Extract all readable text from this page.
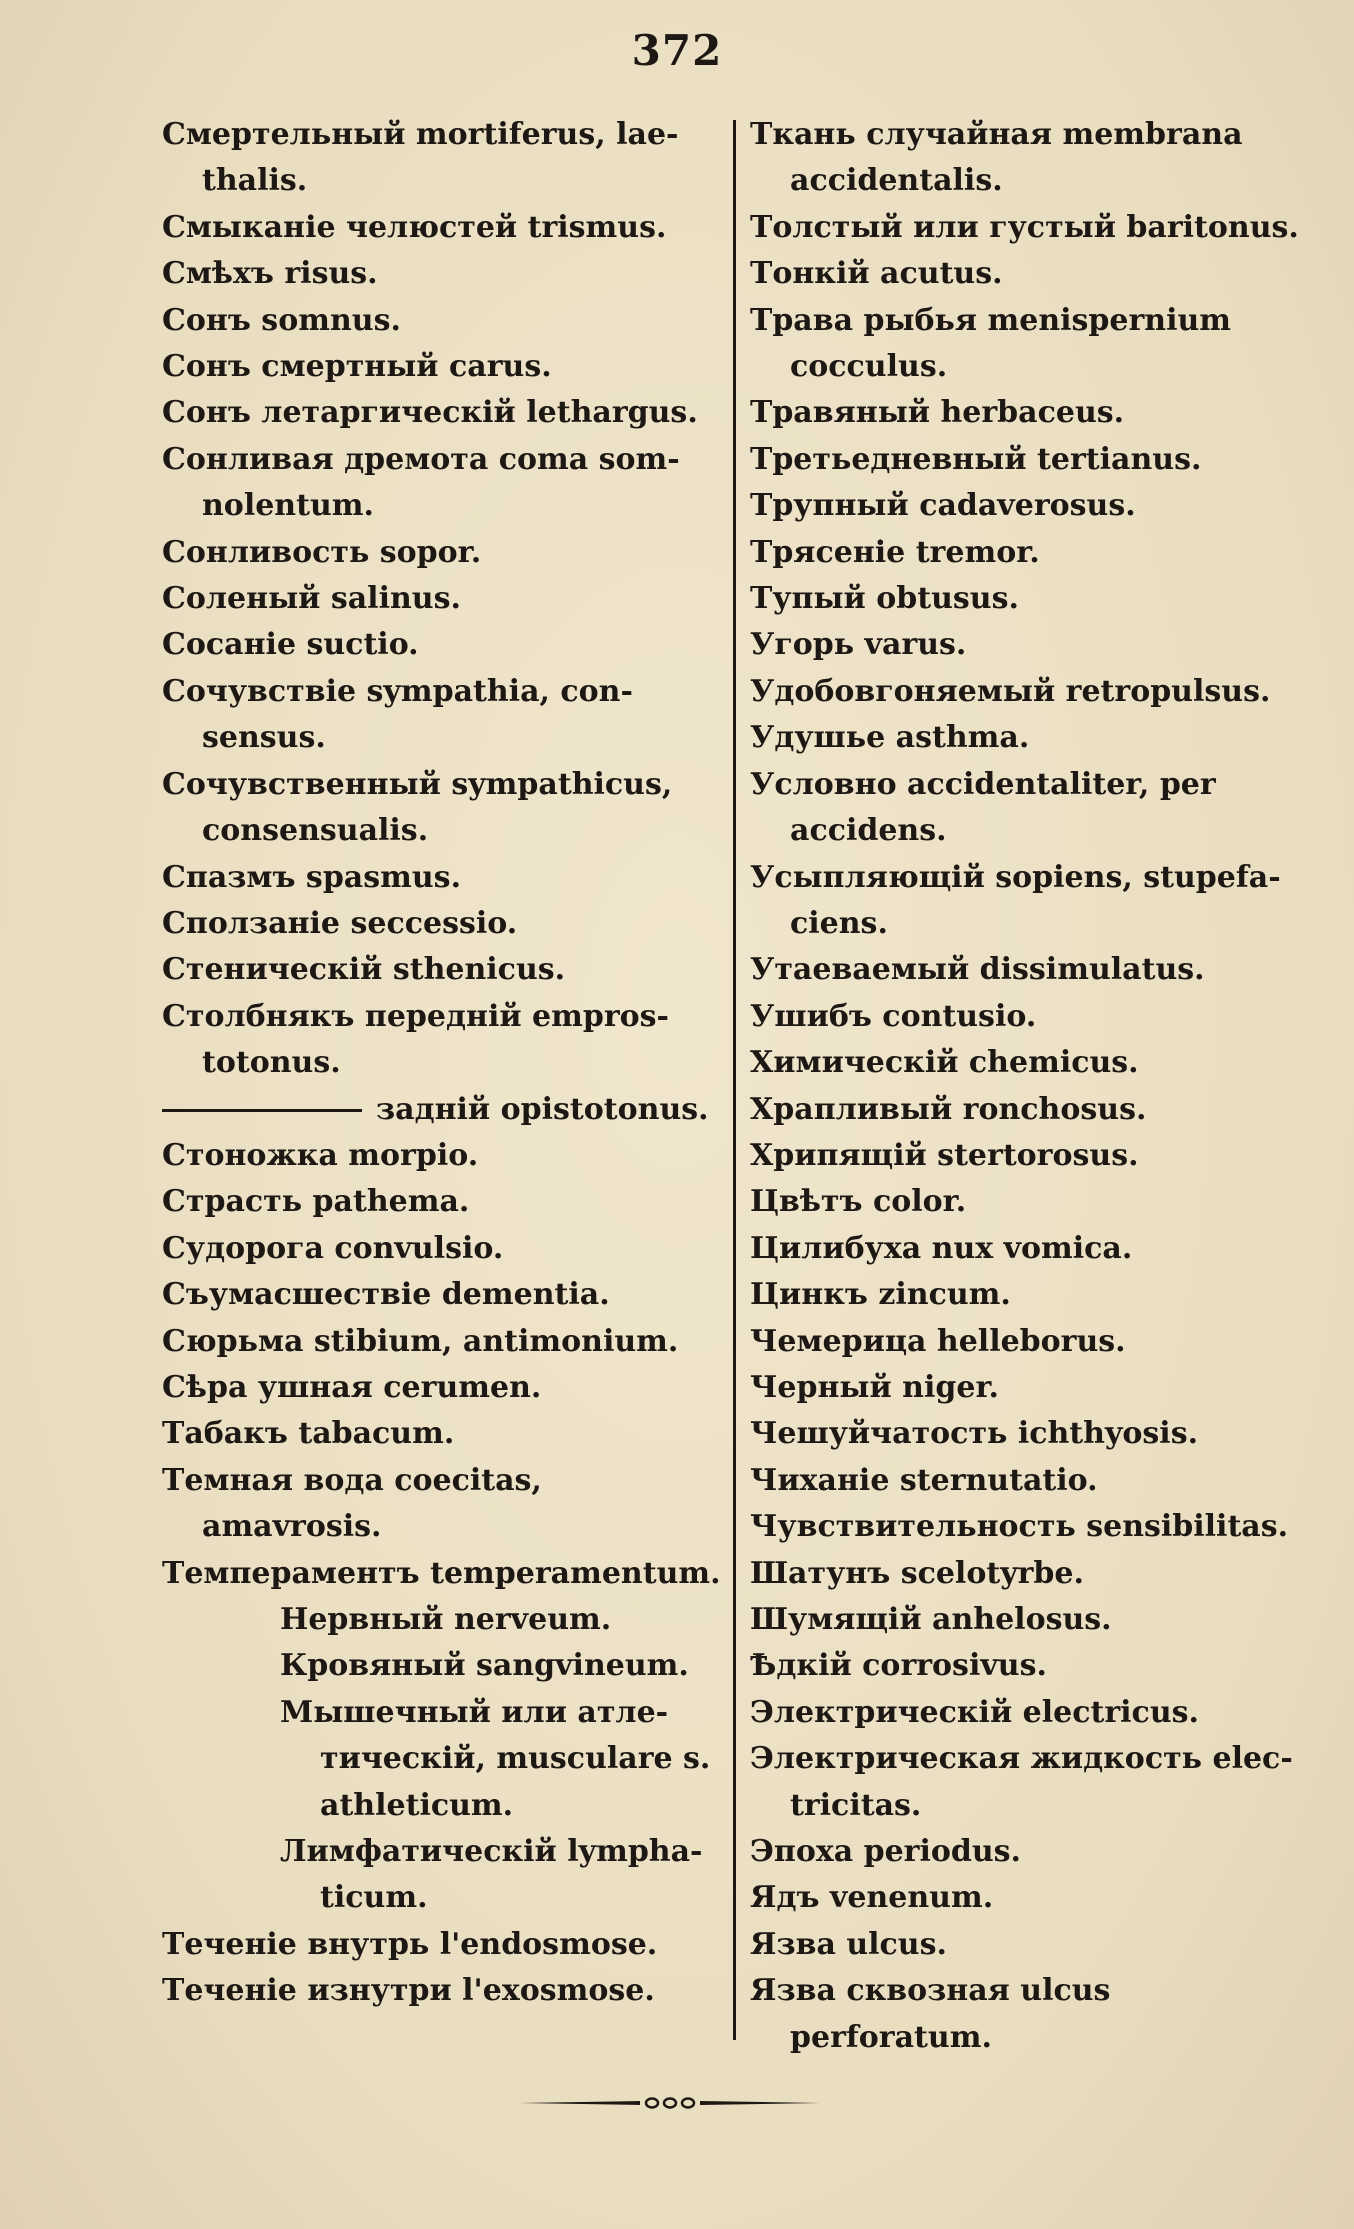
372

Смертельный mortiferus, laethalis.

Смыканіе челюстей trismus.

Смѣхъ risus.

Сонъ somnus.

Сонъ смертный carus.

Сонъ летаргическій lethargus.

Сонливая дремота coma somnolentum.

Сонливость sopor.

Соленый salinus.

Сосаніе suctio.

Сочувствіе sympathia, consensus.

Сочувственный sympathicus, consensualis.

Спазмъ spasmus.

Сползаніе seccessio.

Стеническій sthenicus.

Столбнякъ передній emprostotonus.

задній opistotonus.

Стоножка morpio.

Страсть pathema.

Судорога convulsio.

Съумасшествіе dementia.

Сюрьма stibium, antimonium.

Сѣра ушная cerumen.

Табакъ tabacum.

Темная вода coecitas, amavrosis.

Темпераментъ temperamentum.

Нервный nerveum.

Кровяный sangvineum.

Мышечный или атлетическій, musculare s. athleticum.

Лимфатическій lymphaticum.

Теченіе внутрь l'endosmose.

Теченіе изнутри l'exosmose.

Ткань случайная membrana accidentalis.

Толстый или густый baritonus.

Тонкій acutus.

Трава рыбья menispernium cocculus.

Травяный herbaceus.

Третьедневный tertianus.

Трупный cadaverosus.

Трясеніе tremor.

Тупый obtusus.

Угорь varus.

Удобовгоняемый retropulsus.

Удушье asthma.

Условно accidentaliter, per accidens.

Усыпляющій sopiens, stupefaciens.

Утаеваемый dissimulatus.

Ушибъ contusio.

Химическій chemicus.

Храпливый ronchosus.

Хрипящій stertorosus.

Цвѣтъ color.

Цилибуха nux vomica.

Цинкъ zincum.

Чемерица helleborus.

Черный niger.

Чешуйчатость ichthyosis.

Чиханіе sternutatio.

Чувствительность sensibilitas.

Шатунъ scelotyrbe.

Шумящій anhelosus.

Ѣдкій corrosivus.

Электрическій electricus.

Электрическая жидкость electricitas.

Эпоха periodus.

Ядъ venenum.

Язва ulcus.

Язва сквозная ulcus perforatum.
